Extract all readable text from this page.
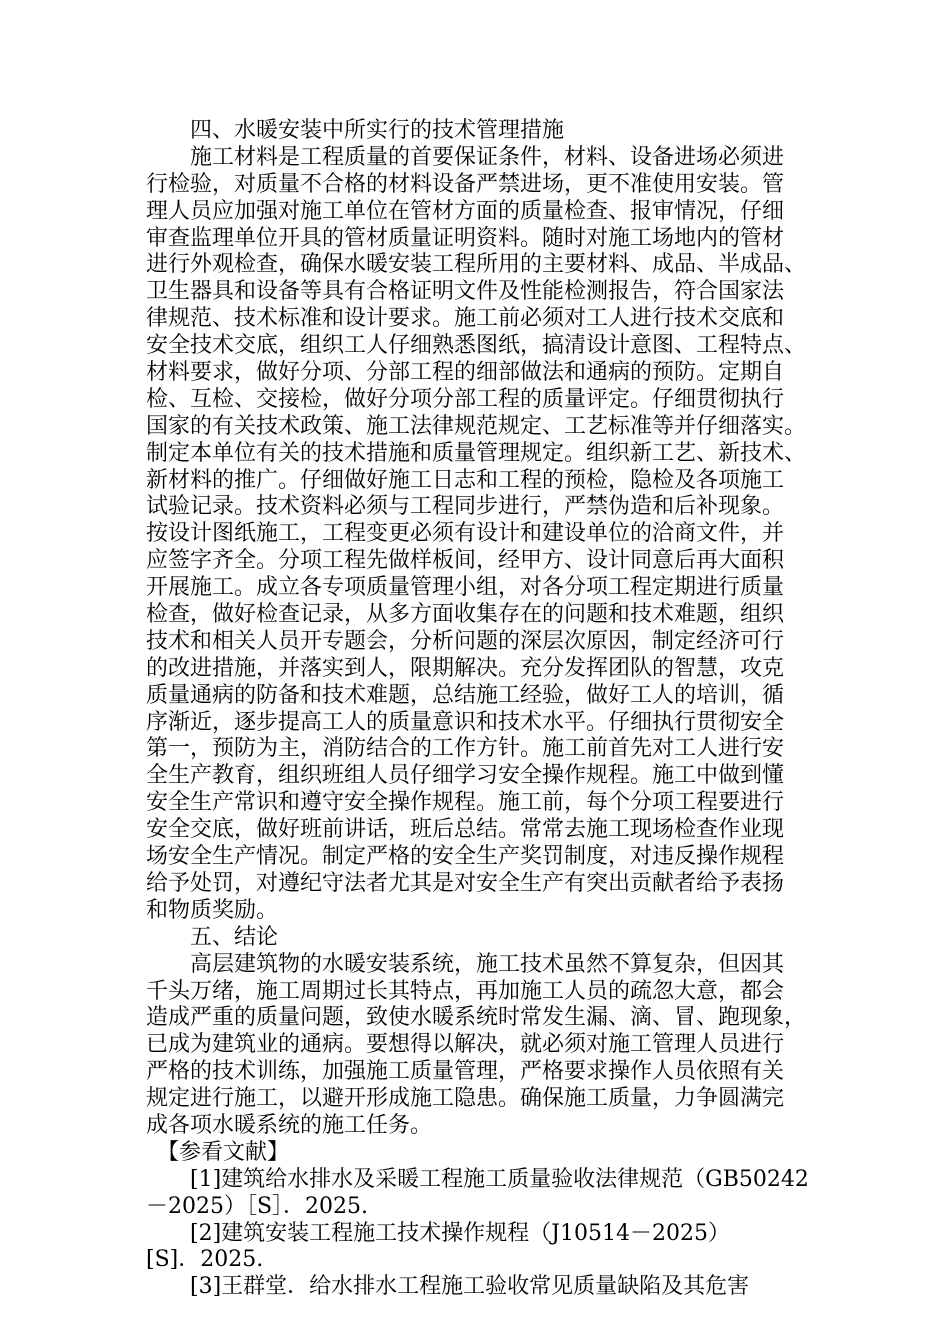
　　四、水暖安装中所实行的技术管理措施
　　施工材料是工程质量的首要保证条件，材料、设备进场必须进
行检验，对质量不合格的材料设备严禁进场，更不准使用安装。管
理人员应加强对施工单位在管材方面的质量检查、报审情况，仔细
审查监理单位开具的管材质量证明资料。随时对施工场地内的管材
进行外观检查，确保水暖安装工程所用的主要材料、成品、半成品、
卫生器具和设备等具有合格证明文件及性能检测报告，符合国家法
律规范、技术标准和设计要求。施工前必须对工人进行技术交底和
安全技术交底，组织工人仔细熟悉图纸，搞清设计意图、工程特点、
材料要求，做好分项、分部工程的细部做法和通病的预防。定期自
检、互检、交接检，做好分项分部工程的质量评定。仔细贯彻执行
国家的有关技术政策、施工法律规范规定、工艺标准等并仔细落实。
制定本单位有关的技术措施和质量管理规定。组织新工艺、新技术、
新材料的推广。仔细做好施工日志和工程的预检，隐检及各项施工
试验记录。技术资料必须与工程同步进行，严禁伪造和后补现象。
按设计图纸施工，工程变更必须有设计和建设单位的洽商文件，并
应签字齐全。分项工程先做样板间，经甲方、设计同意后再大面积
开展施工。成立各专项质量管理小组，对各分项工程定期进行质量
检查，做好检查记录，从多方面收集存在的问题和技术难题，组织
技术和相关人员开专题会，分析问题的深层次原因，制定经济可行
的改进措施，并落实到人，限期解决。充分发挥团队的智慧，攻克
质量通病的防备和技术难题，总结施工经验，做好工人的培训，循
序渐近，逐步提高工人的质量意识和技术水平。仔细执行贯彻安全
第一，预防为主，消防结合的工作方针。施工前首先对工人进行安
全生产教育，组织班组人员仔细学习安全操作规程。施工中做到懂
安全生产常识和遵守安全操作规程。施工前，每个分项工程要进行
安全交底，做好班前讲话，班后总结。常常去施工现场检查作业现
场安全生产情况。制定严格的安全生产奖罚制度，对违反操作规程
给予处罚，对遵纪守法者尤其是对安全生产有突出贡献者给予表扬
和物质奖励。
　　五、结论
　　高层建筑物的水暖安装系统，施工技术虽然不算复杂，但因其
千头万绪，施工周期过长其特点，再加施工人员的疏忽大意，都会
造成严重的质量问题，致使水暖系统时常发生漏、滴、冒、跑现象，
已成为建筑业的通病。要想得以解决，就必须对施工管理人员进行
严格的技术训练，加强施工质量管理，严格要求操作人员依照有关
规定进行施工，以避开形成施工隐患。确保施工质量，力争圆满完
成各项水暖系统的施工任务。
　【参看文献】
　　[1]建筑给水排水及采暖工程施工质量验收法律规范（GB50242
－2025）［S］．2025.
　　[2]建筑安装工程施工技术操作规程（J10514－2025）
[S]．2025.
　　[3]王群堂．给水排水工程施工验收常见质量缺陷及其危害
